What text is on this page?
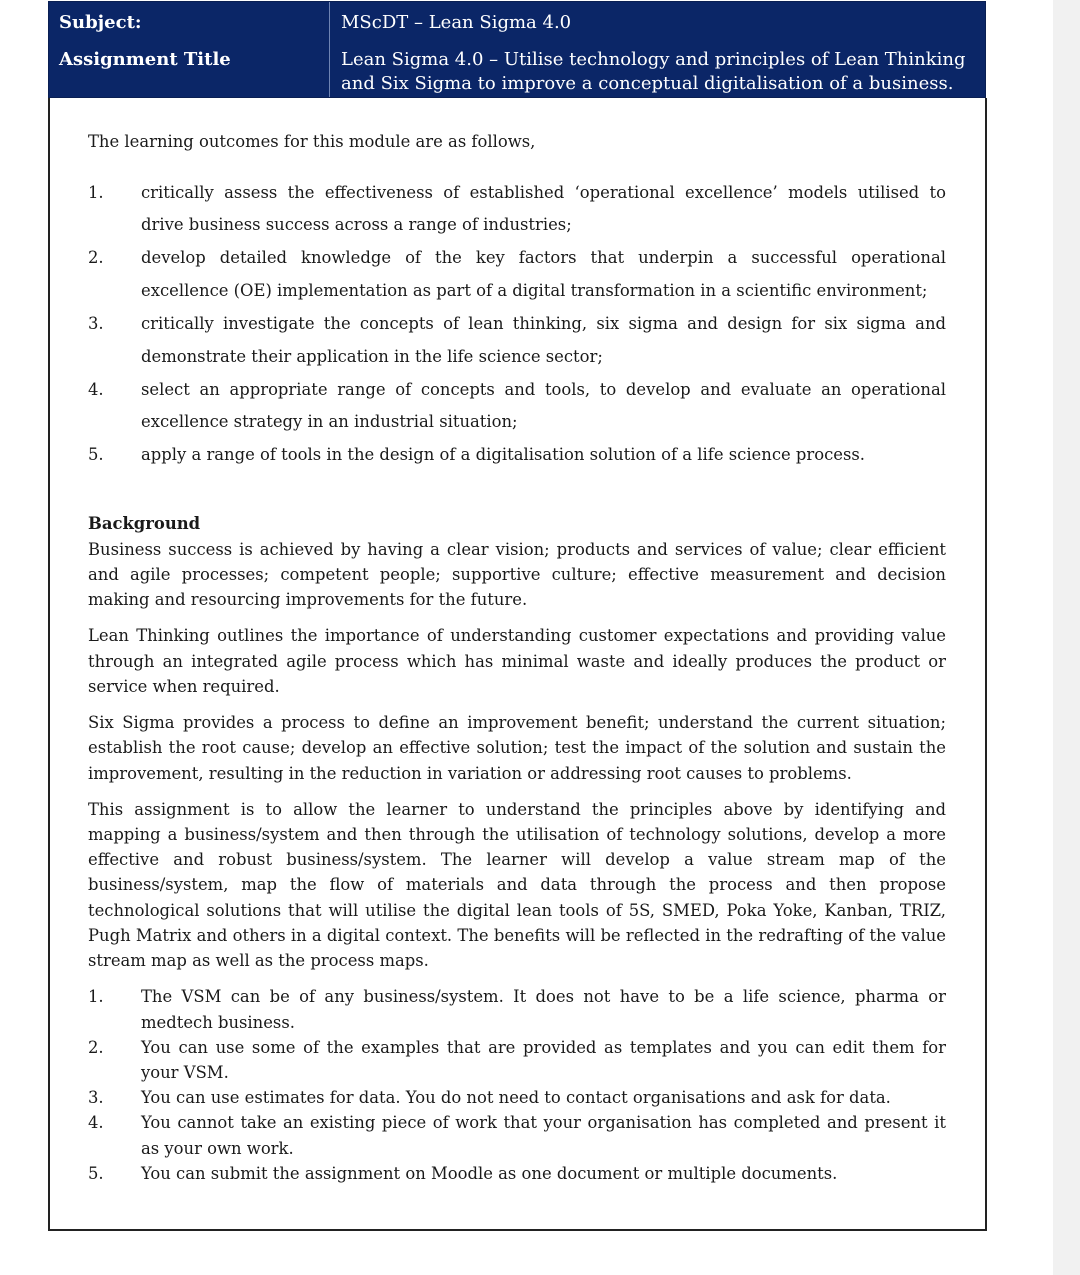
Subject:	MScDT – Lean Sigma 4.0
Assignment Title	Lean Sigma 4.0 – Utilise technology and principles of Lean Thinking
and Six Sigma to improve a conceptual digitalisation of a business.
The learning outcomes for this module are as follows,
1. critically assess the effectiveness of established ‘operational excellence’ models utilised to
drive business success across a range of industries;
2. develop detailed knowledge of the key factors that underpin a successful operational
excellence (OE) implementation as part of a digital transformation in a scientific environment;
3. critically investigate the concepts of lean thinking, six sigma and design for six sigma and
demonstrate their application in the life science sector;
4. select an appropriate range of concepts and tools, to develop and evaluate an operational
excellence strategy in an industrial situation;
5. apply a range of tools in the design of a digitalisation solution of a life science process.
Background
Business success is achieved by having a clear vision; products and services of value; clear efficient
and agile processes; competent people; supportive culture; effective measurement and decision
making and resourcing improvements for the future.
Lean Thinking outlines the importance of understanding customer expectations and providing value
through an integrated agile process which has minimal waste and ideally produces the product or
service when required.
Six Sigma provides a process to define an improvement benefit; understand the current situation;
establish the root cause; develop an effective solution; test the impact of the solution and sustain the
improvement, resulting in the reduction in variation or addressing root causes to problems.
This assignment is to allow the learner to understand the principles above by identifying and
mapping a business/system and then through the utilisation of technology solutions, develop a more
effective and robust business/system. The learner will develop a value stream map of the
business/system, map the flow of materials and data through the process and then propose
technological solutions that will utilise the digital lean tools of 5S, SMED, Poka Yoke, Kanban, TRIZ,
Pugh Matrix and others in a digital context. The benefits will be reflected in the redrafting of the value
stream map as well as the process maps.
1. The VSM can be of any business/system. It does not have to be a life science, pharma or
medtech business.
2. You can use some of the examples that are provided as templates and you can edit them for
your VSM.
3. You can use estimates for data. You do not need to contact organisations and ask for data.
4. You cannot take an existing piece of work that your organisation has completed and present it
as your own work.
5. You can submit the assignment on Moodle as one document or multiple documents.
